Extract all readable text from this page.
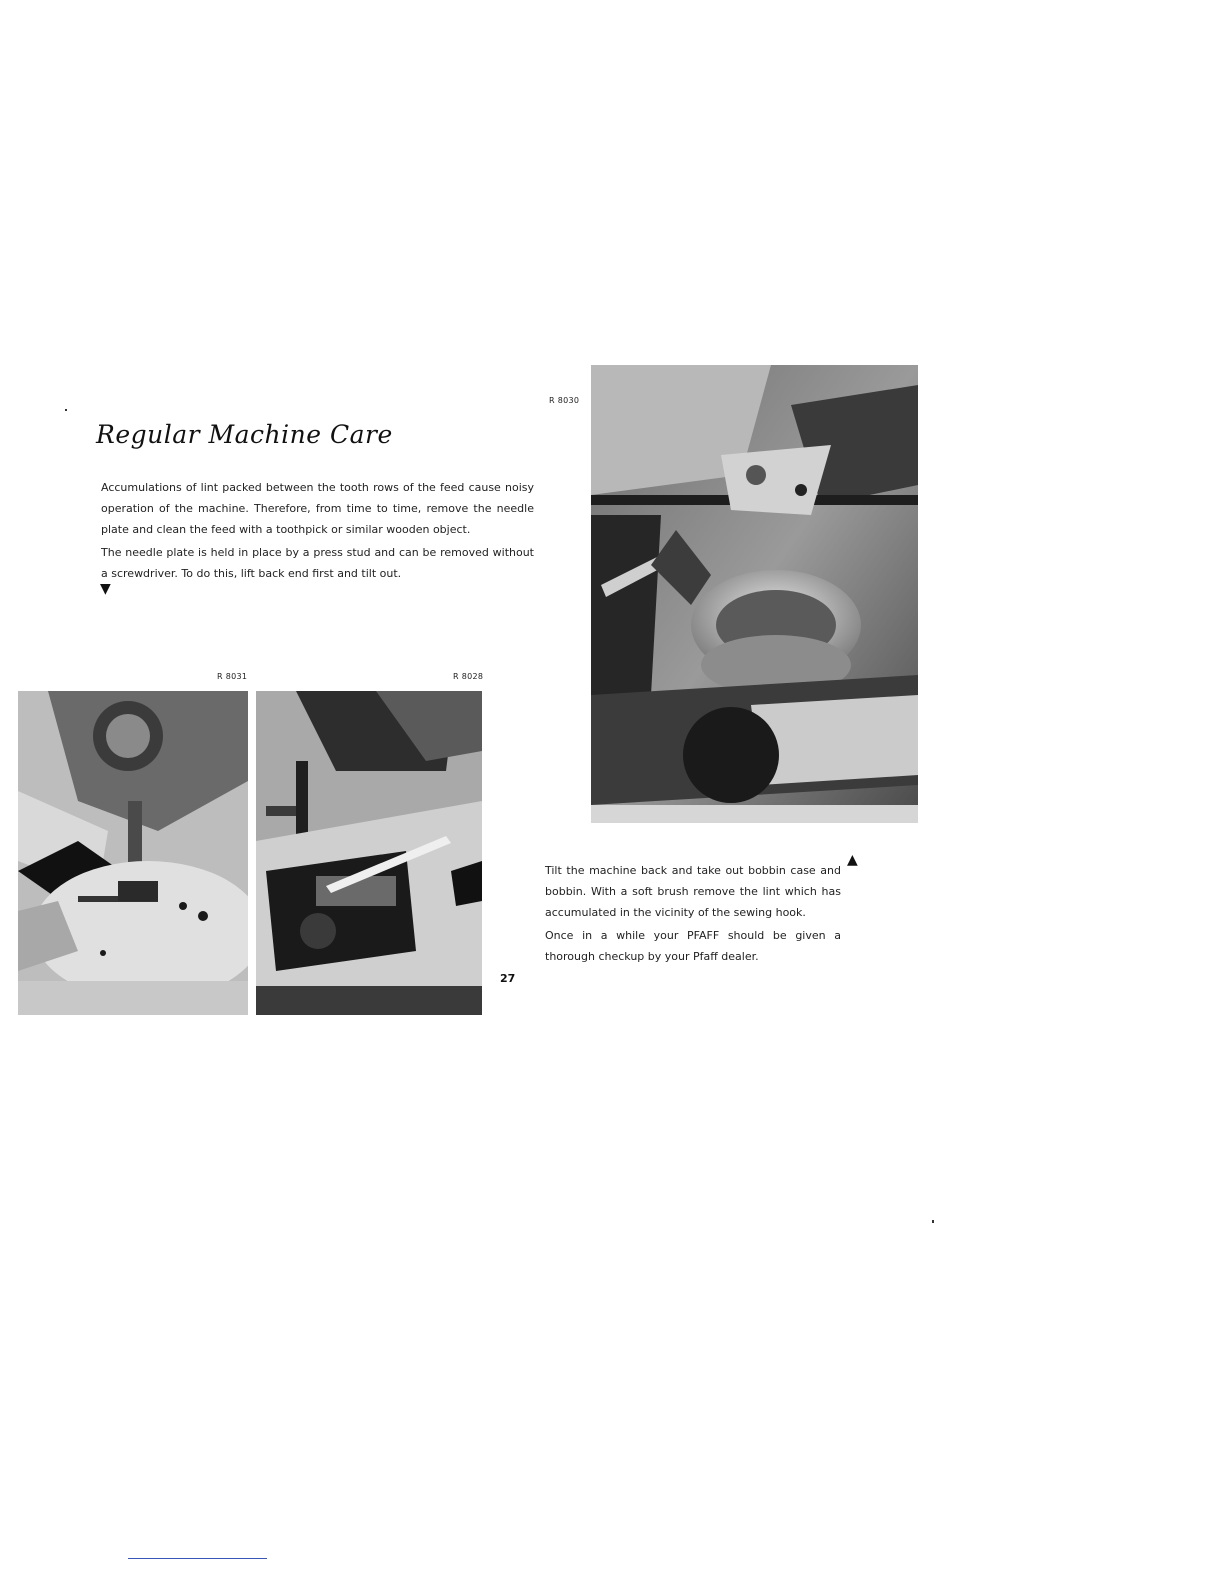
Regular Machine Care

Accumulations of lint packed between the tooth rows of the feed cause noisy operation of the machine. Therefore, from time to time, remove the needle plate and clean the feed with a toothpick or similar wooden object.

The needle plate is held in place by a press stud and can be removed without a screwdriver. To do this, lift back end first and tilt out.

▼
R 8030
R 8031	R 8028

Tilt the machine back and take out bobbin case and bobbin. With a soft brush remove the lint which has accumulated in the vicinity of the sewing hook.

Once in a while your PFAFF should be given a thorough checkup by your Pfaff dealer.

▲
27
